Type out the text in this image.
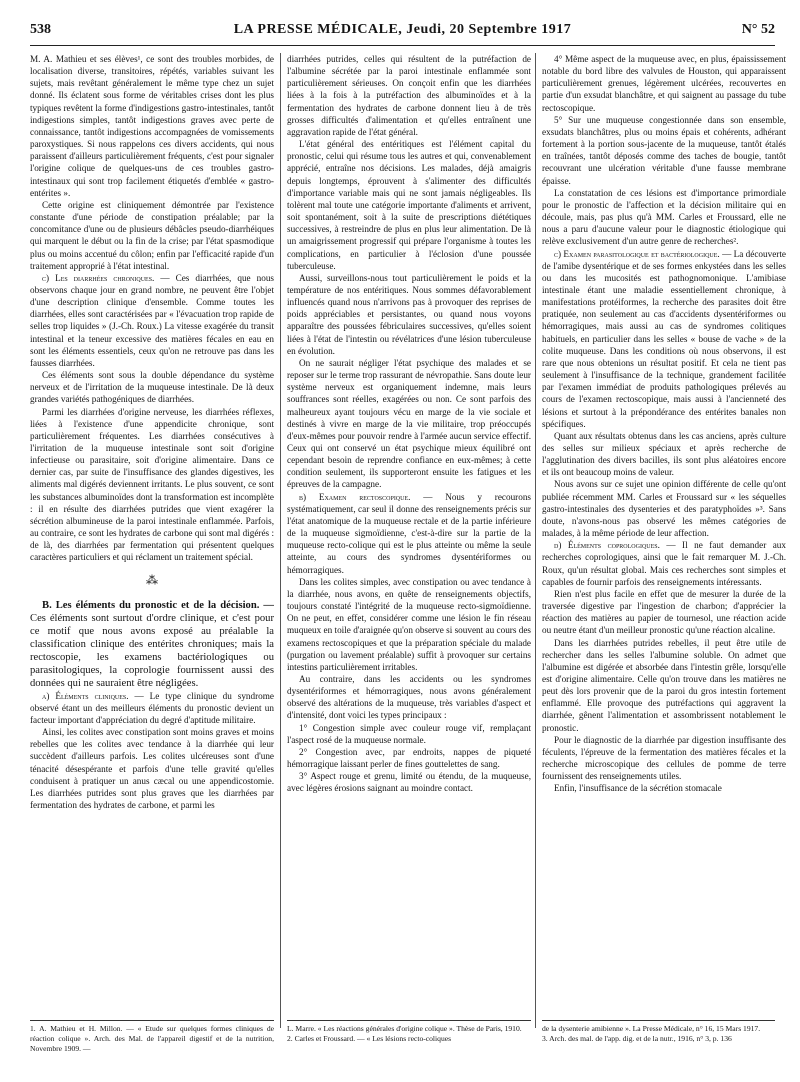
538	LA PRESSE MÉDICALE, Jeudi, 20 Septembre 1917	N° 52

M. A. Mathieu et ses élèves¹, ce sont des troubles morbides, de localisation diverse, transitoires, répétés, variables suivant les sujets, mais revêtant généralement le même type chez un sujet donné. Ils éclatent sous forme de véritables crises dont les plus typiques revêtent la forme d'indigestions gastro-intestinales, tantôt indigestions simples, tantôt indigestions graves avec perte de connaissance, tantôt indigestions accompagnées de vomissements paroxystiques. Si nous rappelons ces divers accidents, qui nous paraissent d'ailleurs particulièrement fréquents, c'est pour signaler l'origine colique de quelques-uns de ces troubles gastro-intestinaux qui sont trop facilement étiquetés d'emblée « gastro-entérites ».

Cette origine est cliniquement démontrée par l'existence constante d'une période de constipation préalable; par la concomitance d'une ou de plusieurs débâcles pseudo-diarrhéiques qui marquent le début ou la fin de la crise; par l'état spasmodique plus ou moins accentué du côlon; enfin par l'efficacité rapide d'un traitement approprié à l'état intestinal.

c) Les diarrhées chroniques. — Ces diarrhées, que nous observons chaque jour en grand nombre, ne peuvent être l'objet d'une description clinique d'ensemble. Comme toutes les diarrhées, elles sont caractérisées par « l'évacuation trop rapide de selles trop liquides » (J.-Ch. Roux.) La vitesse exagérée du transit intestinal et la teneur excessive des matières fécales en eau en sont les éléments essentiels, ceux qu'on ne retrouve pas dans les fausses diarrhées.

Ces éléments sont sous la double dépendance du système nerveux et de l'irritation de la muqueuse intestinale. De là deux grandes variétés pathogéniques de diarrhées.

Parmi les diarrhées d'origine nerveuse, les diarrhées réflexes, liées à l'existence d'une appendicite chronique, sont particulièrement fréquentes. Les diarrhées consécutives à l'irritation de la muqueuse intestinale sont soit d'origine infectieuse ou parasitaire, soit d'origine alimentaire. Dans ce dernier cas, par suite de l'insuffisance des glandes digestives, les aliments mal digérés deviennent irritants. Le plus souvent, ce sont les substances albuminoïdes dont la transformation est incomplète : il en résulte des diarrhées putrides que vient exagérer la sécrétion albumineuse de la paroi intestinale enflammée. Parfois, au contraire, ce sont les hydrates de carbone qui sont mal digérés : de là, des diarrhées par fermentation qui présentent quelques caractères particuliers et qui réclament un traitement spécial.

⁂

B. Les éléments du pronostic et de la décision. — Ces éléments sont surtout d'ordre clinique, et c'est pour ce motif que nous avons exposé au préalable la classification clinique des entérites chroniques; mais la rectoscopie, les examens bactériologiques ou parasitologiques, la coprologie fournissent aussi des données qui ne sauraient être négligées.

a) Éléments cliniques. — Le type clinique du syndrome observé étant un des meilleurs éléments du pronostic devient un facteur important d'appréciation du degré d'aptitude militaire.

Ainsi, les colites avec constipation sont moins graves et moins rebelles que les colites avec tendance à la diarrhée qui leur succèdent d'ailleurs parfois. Les colites ulcéreuses sont d'une ténacité désespérante et parfois d'une telle gravité qu'elles conduisent à pratiquer un anus cæcal ou une appendicostomie. Les diarrhées putrides sont plus graves que les diarrhées par fermentation des hydrates de carbone, et parmi les

diarrhées putrides, celles qui résultent de la putréfaction de l'albumine sécrétée par la paroi intestinale enflammée sont particulièrement sérieuses. On conçoit enfin que les diarrhées liées à la fois à la putréfaction des albuminoïdes et à la fermentation des hydrates de carbone donnent lieu à de très grosses difficultés d'alimentation et qu'elles entraînent une aggravation rapide de l'état général.

L'état général des entéritiques est l'élément capital du pronostic, celui qui résume tous les autres et qui, convenablement apprécié, entraîne nos décisions. Les malades, déjà amaigris depuis longtemps, éprouvent à s'alimenter des difficultés d'importance variable mais qui ne sont jamais négligeables. Ils tolèrent mal toute une catégorie importante d'aliments et arrivent, soit spontanément, soit à la suite de prescriptions diététiques successives, à restreindre de plus en plus leur alimentation. De là un amaigrissement progressif qui prépare l'organisme à toutes les complications, en particulier à l'éclosion d'une poussée tuberculeuse.

Aussi, surveillons-nous tout particulièrement le poids et la température de nos entéritiques. Nous sommes défavorablement influencés quand nous n'arrivons pas à provoquer des reprises de poids appréciables et persistantes, ou quand nous voyons apparaître des poussées fébriculaires successives, qu'elles soient liées à l'état de l'intestin ou révélatrices d'une lésion tuberculeuse en évolution.

On ne saurait négliger l'état psychique des malades et se reposer sur le terme trop rassurant de névropathie. Sans doute leur système nerveux est organiquement indemne, mais leurs souffrances sont réelles, exagérées ou non. Ce sont parfois des malheureux ayant toujours vécu en marge de la vie sociale et destinés à vivre en marge de la vie militaire, trop préoccupés d'eux-mêmes pour pouvoir rendre à l'armée aucun service effectif. Ceux qui ont conservé un état psychique mieux équilibré ont cependant besoin de reprendre confiance en eux-mêmes; à cette condition seulement, ils supporteront ensuite les fatigues et les épreuves de la campagne.

b) Examen rectoscopique. — Nous y recourons systématiquement, car seul il donne des renseignements précis sur l'état anatomique de la muqueuse rectale et de la partie inférieure de la muqueuse sigmoïdienne, c'est-à-dire sur la partie de la muqueuse recto-colique qui est le plus atteinte ou même la seule atteinte, au cours des syndromes dysentériformes ou hémorragiques.

Dans les colites simples, avec constipation ou avec tendance à la diarrhée, nous avons, en quête de renseignements objectifs, toujours constaté l'intégrité de la muqueuse recto-sigmoïdienne. On ne peut, en effet, considérer comme une lésion le fin réseau muqueux en toile d'araignée qu'on observe si souvent au cours des examens rectoscopiques et que la préparation spéciale du malade (purgation ou lavement préalable) suffit à provoquer sur certains intestins particulièrement irritables.

Au contraire, dans les accidents ou les syndromes dysentériformes et hémorragiques, nous avons généralement observé des altérations de la muqueuse, très variables d'aspect et d'intensité, dont voici les types principaux :

1° Congestion simple avec couleur rouge vif, remplaçant l'aspect rosé de la muqueuse normale.

2° Congestion avec, par endroits, nappes de piqueté hémorragique laissant perler de fines gouttelettes de sang.

3° Aspect rouge et grenu, limité ou étendu, de la muqueuse, avec légères érosions saignant au moindre contact.

4° Même aspect de la muqueuse avec, en plus, épaississement notable du bord libre des valvules de Houston, qui apparaissent particulièrement grenues, légèrement ulcérées, recouvertes en partie d'un exsudat blanchâtre, et qui saignent au passage du tube rectoscopique.

5° Sur une muqueuse congestionnée dans son ensemble, exsudats blanchâtres, plus ou moins épais et cohérents, adhérant fortement à la portion sous-jacente de la muqueuse, tantôt étalés en traînées, tantôt déposés comme des taches de bougie, tantôt recouvrant une ulcération véritable d'une fausse membrane épaisse.

La constatation de ces lésions est d'importance primordiale pour le pronostic de l'affection et la décision militaire qui en découle, mais, pas plus qu'à MM. Carles et Froussard, elle ne nous a paru d'aucune valeur pour le diagnostic étiologique qui relève exclusivement d'un autre genre de recherches².

c) Examen parasitologique et bactériologique. — La découverte de l'amibe dysentérique et de ses formes enkystées dans les selles ou dans les mucosités est pathognomonique. L'amibiase intestinale étant une maladie essentiellement chronique, à manifestations protéiformes, la recherche des parasites doit être pratiquée, non seulement au cas d'accidents dysentériformes ou hémorragiques, mais aussi au cas de syndromes colitiques habituels, en particulier dans les selles « bouse de vache » de la colite muqueuse. Dans les conditions où nous observons, il est rare que nous obtenions un résultat positif. Et cela ne tient pas seulement à l'insuffisance de la technique, grandement facilitée par l'examen immédiat de produits pathologiques prélevés au cours de l'examen rectoscopique, mais aussi à l'ancienneté des lésions et surtout à la prépondérance des entérites banales non spécifiques.

Quant aux résultats obtenus dans les cas anciens, après culture des selles sur milieux spéciaux et après recherche de l'agglutination des divers bacilles, ils sont plus aléatoires encore et ils ont beaucoup moins de valeur.

Nous avons sur ce sujet une opinion différente de celle qu'ont publiée récemment MM. Carles et Froussard sur « les séquelles gastro-intestinales des dysenteries et des paratyphoïdes »³. Sans doute, n'avons-nous pas observé les mêmes catégories de malades, à la même période de leur affection.

d) Éléments coprologiques. — Il ne faut demander aux recherches coprologiques, ainsi que le fait remarquer M. J.-Ch. Roux, qu'un résultat global. Mais ces recherches sont simples et capables de fournir parfois des renseignements intéressants.

Rien n'est plus facile en effet que de mesurer la durée de la traversée digestive par l'ingestion de charbon; d'apprécier la réaction des matières au papier de tournesol, une réaction acide ou neutre étant d'un meilleur pronostic qu'une réaction alcaline.

Dans les diarrhées putrides rebelles, il peut être utile de rechercher dans les selles l'albumine soluble. On admet que l'albumine est digérée et absorbée dans l'intestin grêle, lorsqu'elle est d'origine alimentaire. Celle qu'on trouve dans les matières ne peut dès lors provenir que de la paroi du gros intestin fortement enflammé. Elle provoque des putréfactions qui aggravent la diarrhée, gênent l'alimentation et assombrissent notablement le pronostic.

Pour le diagnostic de la diarrhée par digestion insuffisante des féculents, l'épreuve de la fermentation des matières fécales et la recherche microscopique des cellules de pomme de terre fournissent des renseignements utiles.

Enfin, l'insuffisance de la sécrétion stomacale

1. A. Mathieu et H. Millon. — « Etude sur quelques formes cliniques de réaction colique ». Arch. des Mal. de l'appareil digestif et de la nutrition, Novembre 1909. —
L. Marre. « Les réactions générales d'origine colique ». Thèse de Paris, 1910.
2. Carles et Froussard. — « Les lésions recto-coliques
de la dysenterie amibienne ». La Presse Médicale, n° 16, 15 Mars 1917.
3. Arch. des mal. de l'app. dig. et de la nutr., 1916, n° 3, p. 136
